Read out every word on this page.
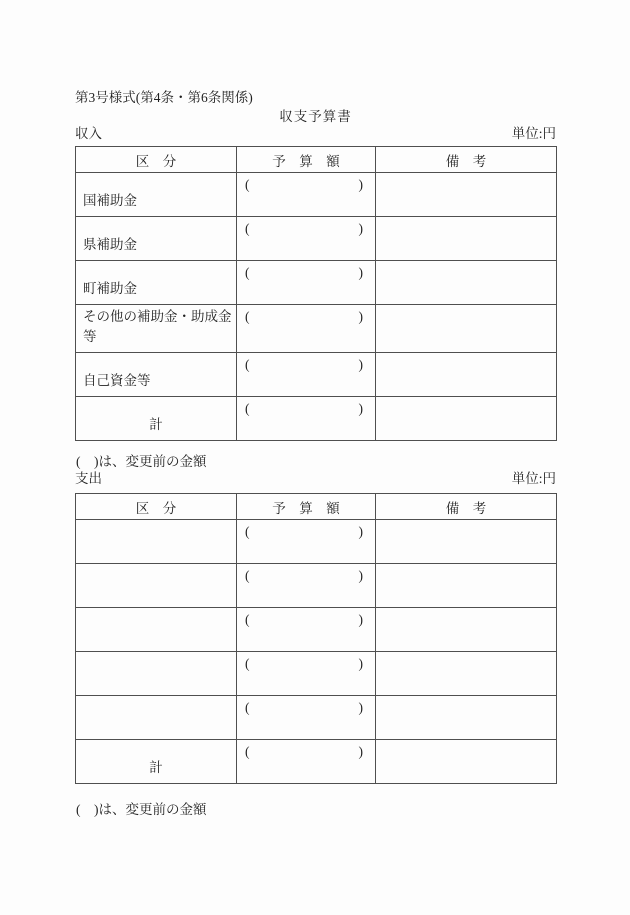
第3号様式(第4条・第6条関係)
収支予算書
収入	単位:円
区　分	予　算　額	備　考
国補助金	( )	

県補助金	( )	

町補助金	( )	

その他の補助金・助成金等	( )	

自己資金等	( )	

計	( )	

(　)は、変更前の金額
支出	単位:円
区　分	予　算　額	備　考

	( )	

	( )	

	( )	

	( )	

	( )	

計	( )	

(　)は、変更前の金額
